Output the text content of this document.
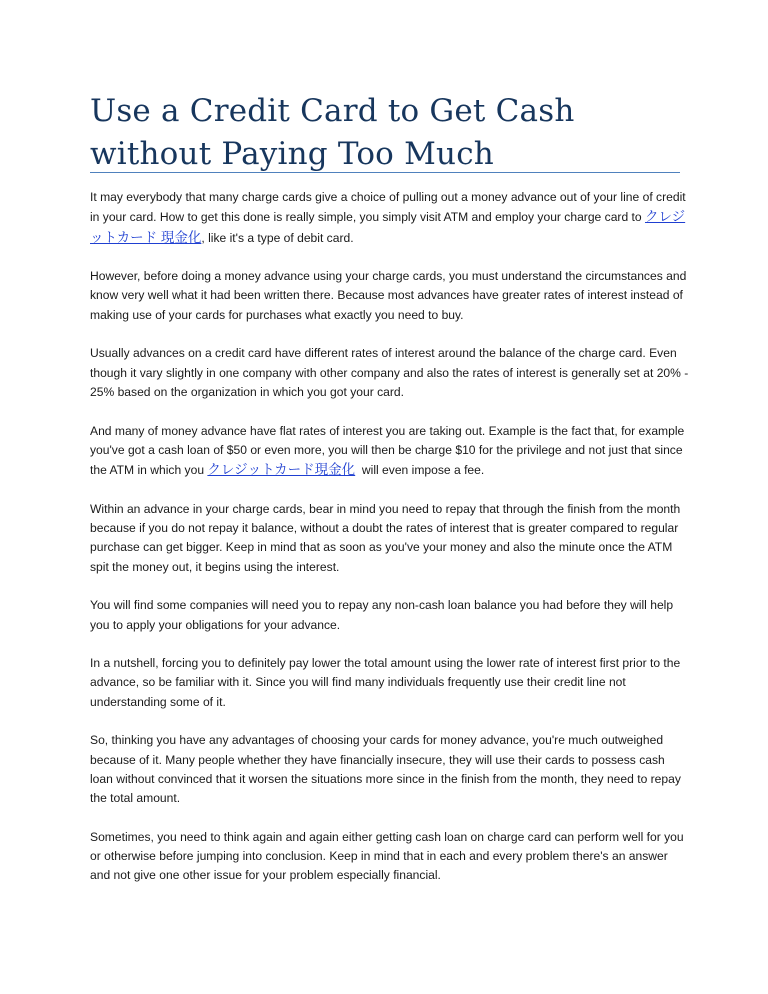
Use a Credit Card to Get Cash without Paying Too Much

It may everybody that many charge cards give a choice of pulling out a money advance out of your line of credit in your card. How to get this done is really simple, you simply visit ATM and employ your charge card to クレジットカード 現金化, like it's a type of debit card.

However, before doing a money advance using your charge cards, you must understand the circumstances and know very well what it had been written there. Because most advances have greater rates of interest instead of making use of your cards for purchases what exactly you need to buy.

Usually advances on a credit card have different rates of interest around the balance of the charge card. Even though it vary slightly in one company with other company and also the rates of interest is generally set at 20% - 25% based on the organization in which you got your card.

And many of money advance have flat rates of interest you are taking out. Example is the fact that, for example you've got a cash loan of $50 or even more, you will then be charge $10 for the privilege and not just that since the ATM in which you クレジットカード現金化  will even impose a fee.

Within an advance in your charge cards, bear in mind you need to repay that through the finish from the month because if you do not repay it balance, without a doubt the rates of interest that is greater compared to regular purchase can get bigger. Keep in mind that as soon as you've your money and also the minute once the ATM spit the money out, it begins using the interest.

You will find some companies will need you to repay any non-cash loan balance you had before they will help you to apply your obligations for your advance.

In a nutshell, forcing you to definitely pay lower the total amount using the lower rate of interest first prior to the advance, so be familiar with it. Since you will find many individuals frequently use their credit line not understanding some of it.

So, thinking you have any advantages of choosing your cards for money advance, you're much outweighed because of it. Many people whether they have financially insecure, they will use their cards to possess cash loan without convinced that it worsen the situations more since in the finish from the month, they need to repay the total amount.

Sometimes, you need to think again and again either getting cash loan on charge card can perform well for you or otherwise before jumping into conclusion. Keep in mind that in each and every problem there's an answer and not give one other issue for your problem especially financial.
